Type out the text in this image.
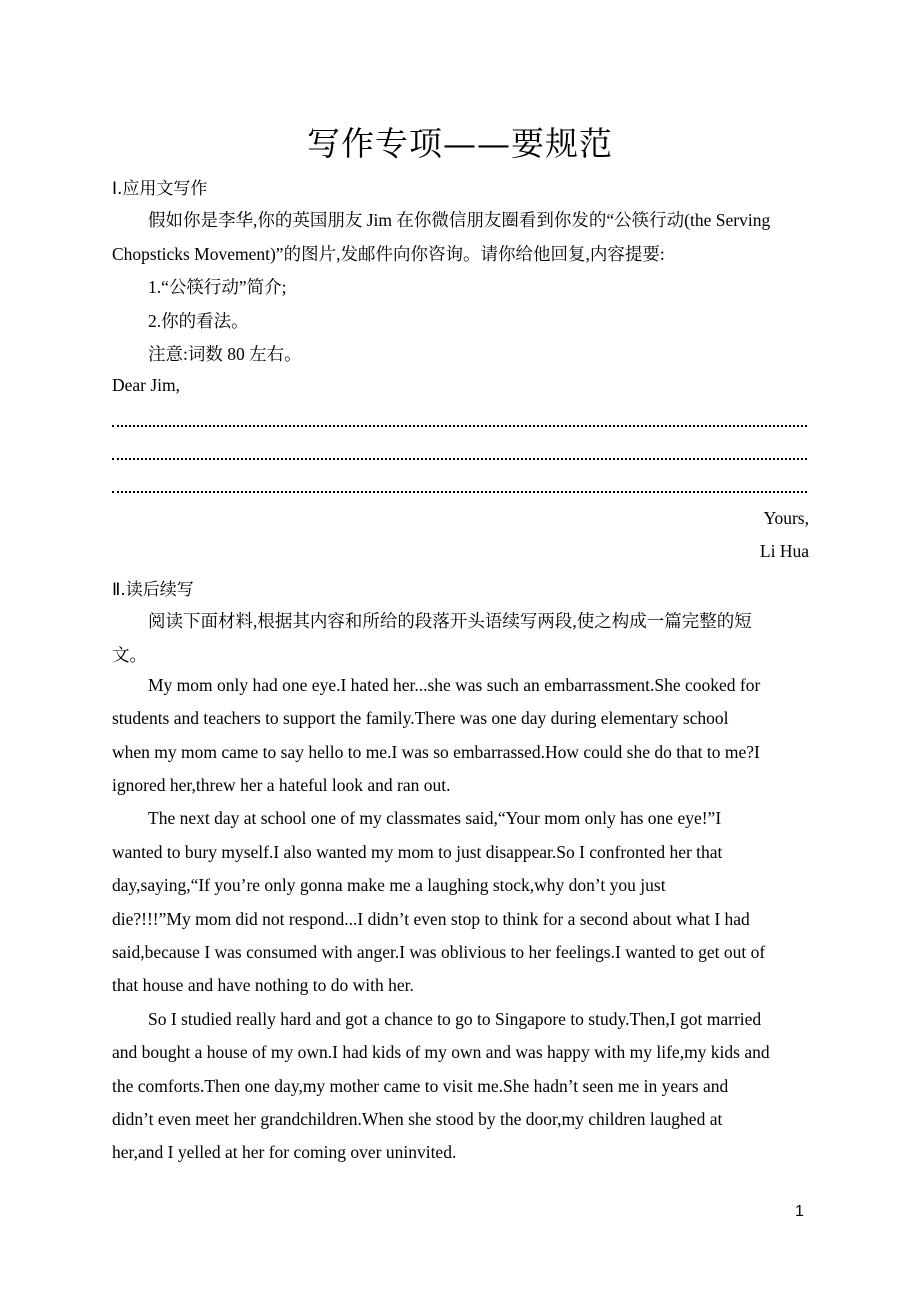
写作专项——要规范
Ⅰ.应用文写作
假如你是李华,你的英国朋友 Jim 在你微信朋友圈看到你发的“公筷行动(the Serving
Chopsticks Movement)”的图片,发邮件向你咨询。请你给他回复,内容提要:
1.“公筷行动”简介;
2.你的看法。
注意:词数 80 左右。
Dear Jim,
Yours,
Li Hua
Ⅱ.读后续写
阅读下面材料,根据其内容和所给的段落开头语续写两段,使之构成一篇完整的短
文。
My mom only had one eye.I hated her...she was such an embarrassment.She cooked for
students and teachers to support the family.There was one day during elementary school
when my mom came to say hello to me.I was so embarrassed.How could she do that to me?I
ignored her,threw her a hateful look and ran out.
The next day at school one of my classmates said,“Your mom only has one eye!”I
wanted to bury myself.I also wanted my mom to just disappear.So I confronted her that
day,saying,“If you’re only gonna make me a laughing stock,why don’t you just
die?!!!”My mom did not respond...I didn’t even stop to think for a second about what I had
said,because I was consumed with anger.I was oblivious to her feelings.I wanted to get out of
that house and have nothing to do with her.
So I studied really hard and got a chance to go to Singapore to study.Then,I got married
and bought a house of my own.I had kids of my own and was happy with my life,my kids and
the comforts.Then one day,my mother came to visit me.She hadn’t seen me in years and
didn’t even meet her grandchildren.When she stood by the door,my children laughed at
her,and I yelled at her for coming over uninvited.
1
